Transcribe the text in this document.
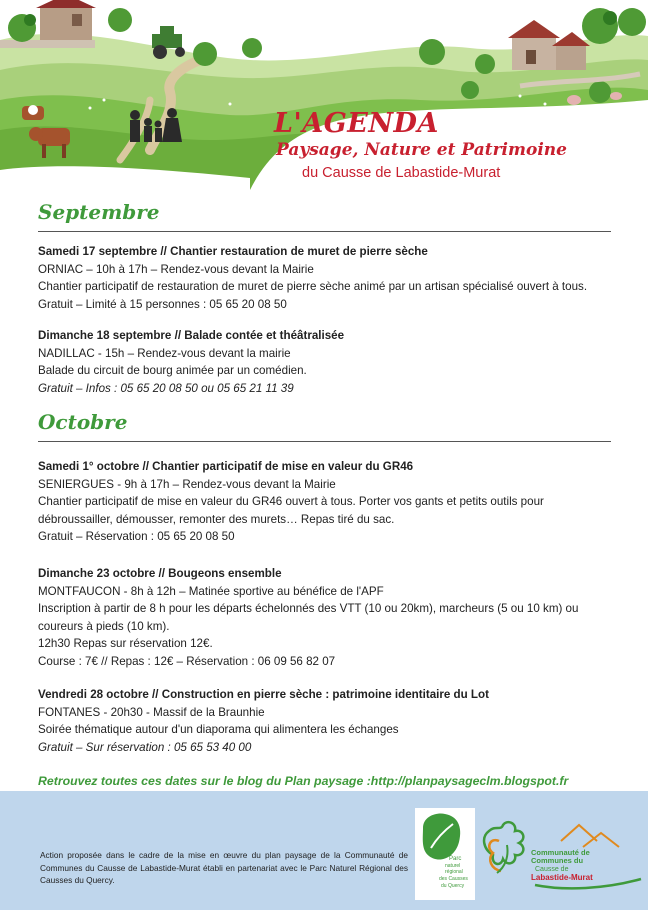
L'AGENDA
Paysage, Nature et Patrimoine
du Causse de Labastide-Murat
Septembre
Samedi 17 septembre // Chantier restauration de muret de pierre sèche
ORNIAC – 10h à 17h – Rendez-vous devant la Mairie
Chantier participatif de restauration de muret de pierre sèche animé par un artisan spécialisé ouvert à tous.
Gratuit – Limité à 15 personnes : 05 65 20 08 50
Dimanche 18 septembre // Balade contée et théâtralisée
NADILLAC - 15h – Rendez-vous devant la mairie
Balade du circuit de bourg animée par un comédien.
Gratuit – Infos : 05 65 20 08 50 ou 05 65 21 11 39
Octobre
Samedi 1° octobre // Chantier participatif de mise en valeur du GR46
SENIERGUES - 9h à 17h – Rendez-vous devant la Mairie
Chantier participatif de mise en valeur du GR46 ouvert à tous. Porter vos gants et petits outils pour débroussailler, démousser, remonter des murets… Repas tiré du sac.
Gratuit – Réservation : 05 65 20 08 50
Dimanche 23 octobre // Bougeons ensemble
MONTFAUCON - 8h à 12h – Matinée sportive au bénéfice de l'APF
Inscription à partir de 8 h pour les départs échelonnés des VTT (10 ou 20km), marcheurs (5 ou 10 km) ou coureurs à pieds (10 km).
12h30 Repas sur réservation 12€.
Course : 7€ // Repas : 12€ – Réservation : 06 09 56 82 07
Vendredi 28 octobre // Construction en pierre sèche : patrimoine identitaire du Lot
FONTANES - 20h30 - Massif de la Braunhie
Soirée thématique autour d'un diaporama qui alimentera les échanges
Gratuit – Sur réservation : 05 65 53 40 00
Retrouvez toutes ces dates sur le blog du Plan paysage :http://planpaysageclm.blogspot.fr
Action proposée dans le cadre de la mise en œuvre du plan paysage de la Communauté de Communes du Causse de Labastide-Murat établi en partenariat avec le Parc Naturel Régional des Causses du Quercy.
Parc
naturel
régional
des Causses
du Quercy
Communauté de
Communes du
Causse de
Labastide-Murat
